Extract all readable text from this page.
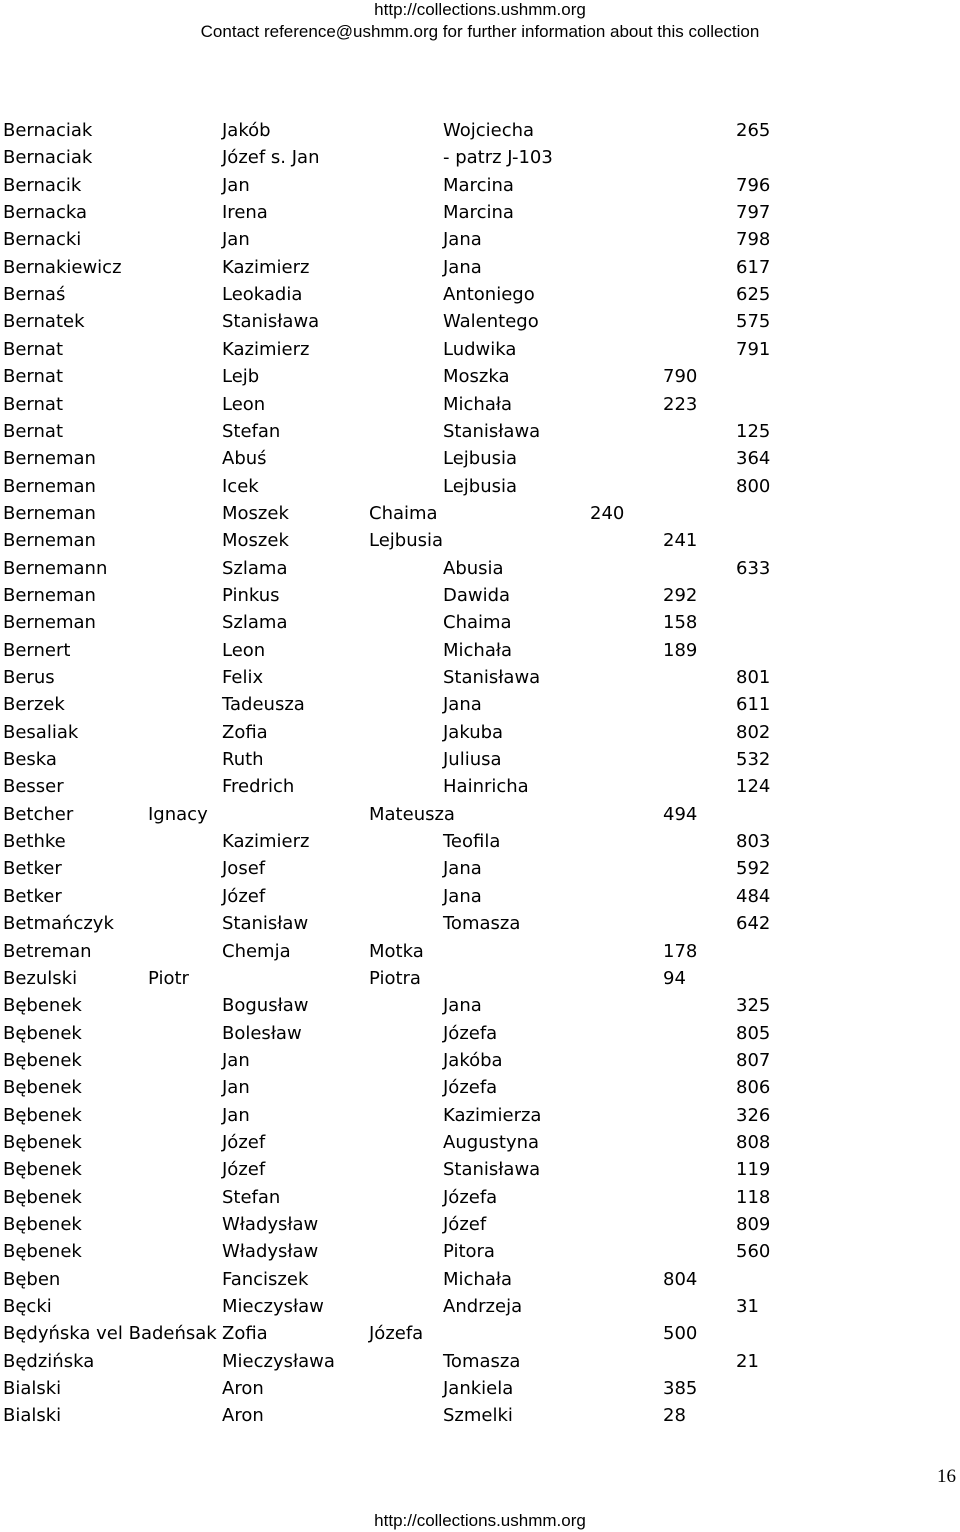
http://collections.ushmm.org
Contact reference@ushmm.org for further information about this collection
Bernaciak	Jakób	Wojciecha	265
Bernaciak	Józef s. Jan	- patrz J-103
Bernacik	Jan	Marcina	796
Bernacka	Irena	Marcina	797
Bernacki	Jan	Jana	798
Bernakiewicz	Kazimierz	Jana	617
Bernaś	Leokadia	Antoniego	625
Bernatek	Stanisława	Walentego	575
Bernat	Kazimierz	Ludwika	791
Bernat	Lejb	Moszka	790
Bernat	Leon	Michała	223
Bernat	Stefan	Stanisława	125
Berneman	Abuś	Lejbusia	364
Berneman	Icek	Lejbusia	800
Berneman	Moszek	Chaima	240
Berneman	Moszek	Lejbusia	241
Bernemann	Szlama	Abusia	633
Berneman	Pinkus	Dawida	292
Berneman	Szlama	Chaima	158
Bernert	Leon	Michała	189
Berus	Felix	Stanisława	801
Berzek	Tadeusza	Jana	611
Besaliak	Zofia	Jakuba	802
Beska	Ruth	Juliusa	532
Besser	Fredrich	Hainricha	124
Betcher	Ignacy	Mateusza	494
Bethke	Kazimierz	Teofila	803
Betker	Josef	Jana	592
Betker	Józef	Jana	484
Betmańczyk	Stanisław	Tomasza	642
Betreman	Chemja	Motka	178
Bezulski	Piotr	Piotra	94
Bębenek	Bogusław	Jana	325
Bębenek	Bolesław	Józefa	805
Bębenek	Jan	Jakóba	807
Bębenek	Jan	Józefa	806
Bębenek	Jan	Kazimierza	326
Bębenek	Józef	Augustyna	808
Bębenek	Józef	Stanisława	119
Bębenek	Stefan	Józefa	118
Bębenek	Władysław	Józef	809
Bębenek	Władysław	Pitora	560
Bęben	Fanciszek	Michała	804
Bęcki	Mieczysław	Andrzeja	31
Będyńska vel Badeńsak Zofia	Józefa	500
Będzińska	Mieczysława	Tomasza	21
Bialski	Aron	Jankiela	385
Bialski	Aron	Szmelki	28
16
http://collections.ushmm.org
